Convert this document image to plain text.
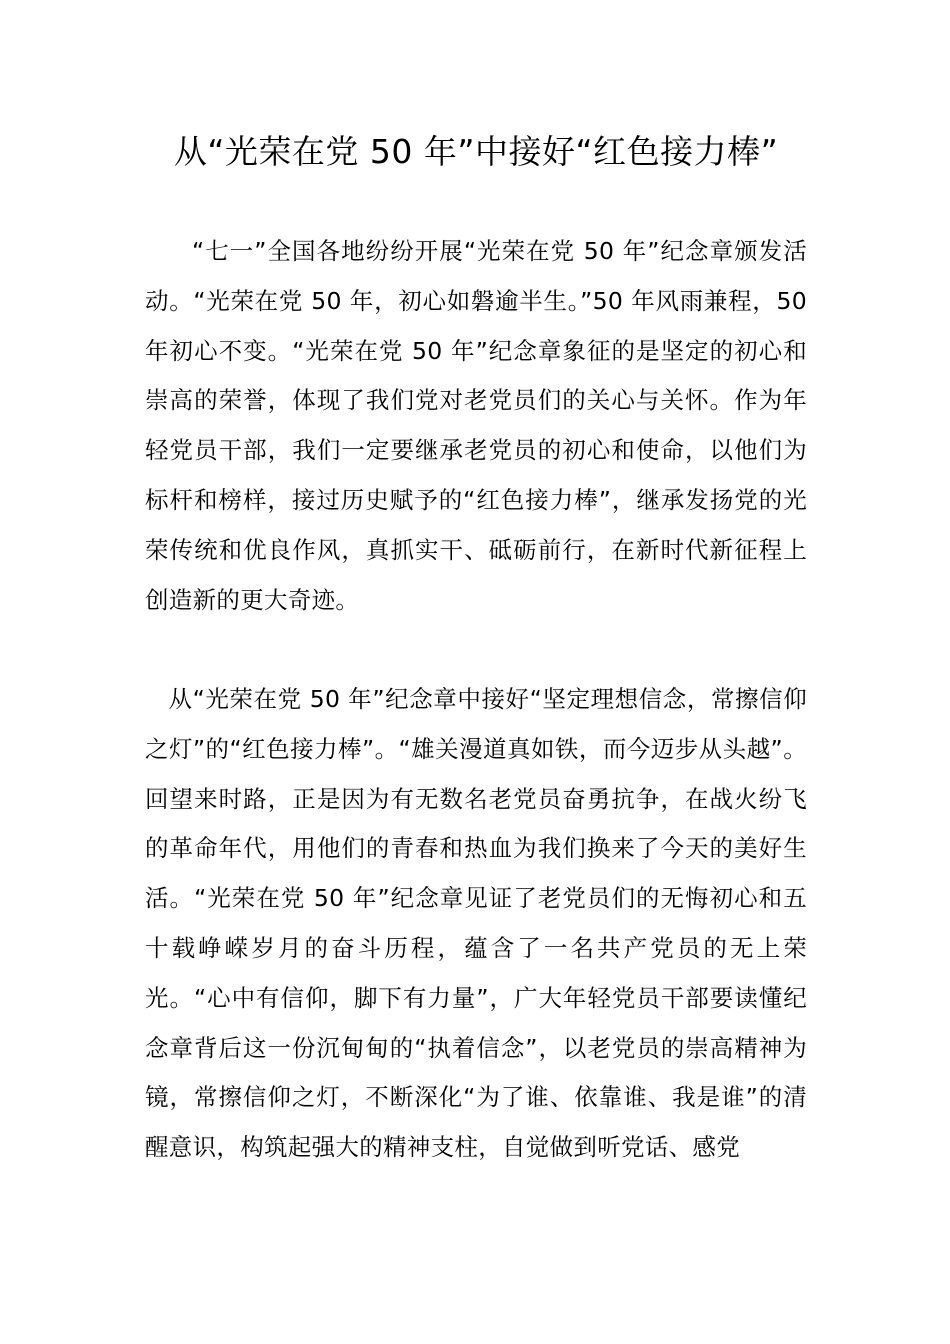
从“光荣在党 50 年”中接好“红色接力棒”

“七一”全国各地纷纷开展“光荣在党 50 年”纪念章颁发活动。“光荣在党 50 年，初心如磐逾半生。”50 年风雨兼程，50 年初心不变。“光荣在党 50 年”纪念章象征的是坚定的初心和崇高的荣誉，体现了我们党对老党员们的关心与关怀。作为年轻党员干部，我们一定要继承老党员的初心和使命，以他们为标杆和榜样，接过历史赋予的“红色接力棒”，继承发扬党的光荣传统和优良作风，真抓实干、砥砺前行，在新时代新征程上创造新的更大奇迹。

从“光荣在党 50 年”纪念章中接好“坚定理想信念，常擦信仰之灯”的“红色接力棒”。“雄关漫道真如铁，而今迈步从头越”。回望来时路，正是因为有无数名老党员奋勇抗争，在战火纷飞的革命年代，用他们的青春和热血为我们换来了今天的美好生活。“光荣在党 50 年”纪念章见证了老党员们的无悔初心和五十载峥嵘岁月的奋斗历程，蕴含了一名共产党员的无上荣光。“心中有信仰，脚下有力量”，广大年轻党员干部要读懂纪念章背后这一份沉甸甸的“执着信念”，以老党员的崇高精神为镜，常擦信仰之灯，不断深化“为了谁、依靠谁、我是谁”的清醒意识，构筑起强大的精神支柱，自觉做到听党话、感党
